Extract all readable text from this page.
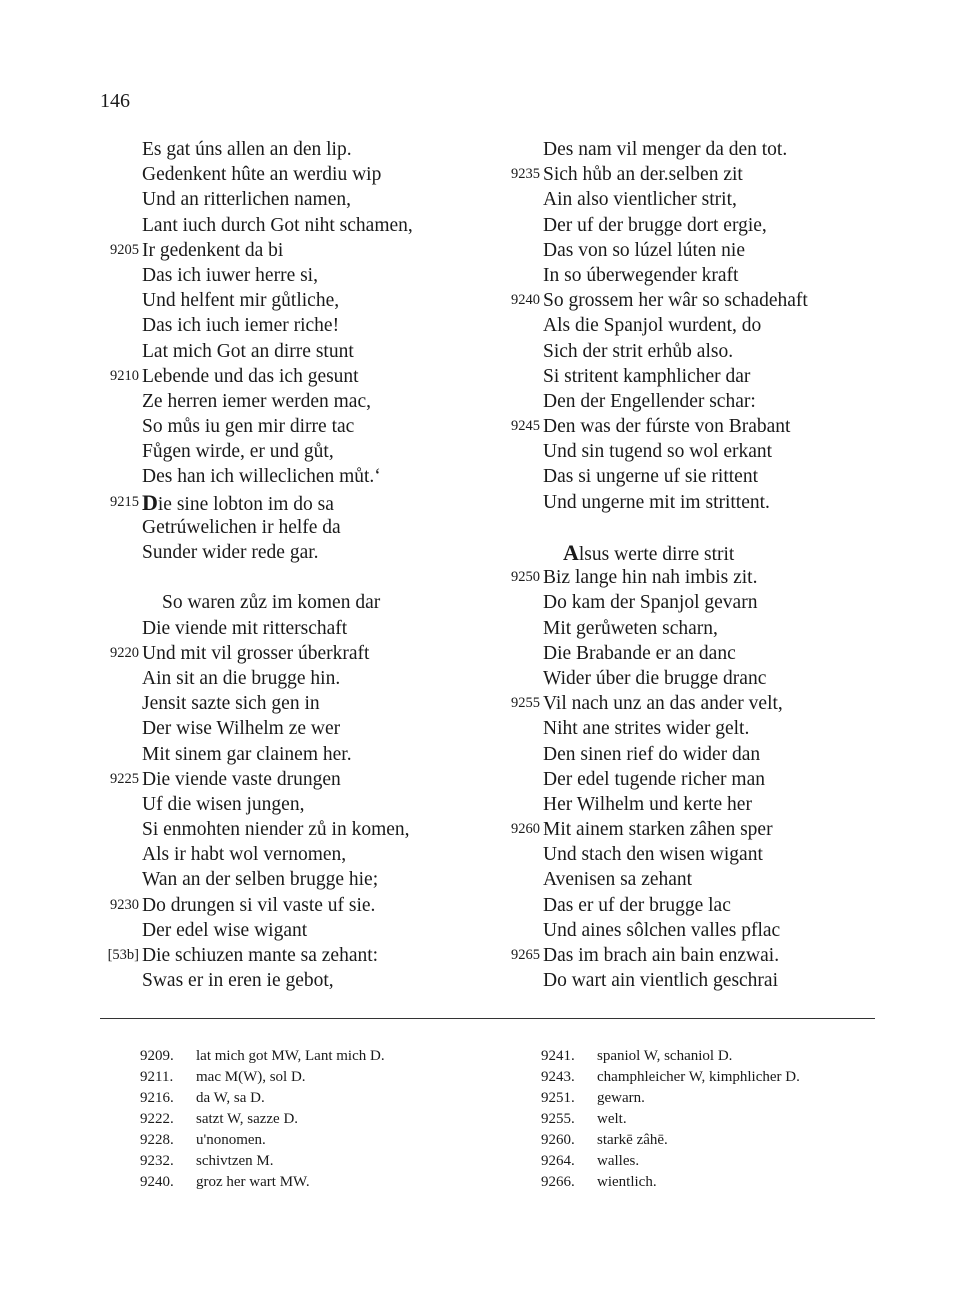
146
Es gat úns allen an den lip.
Gedenkent hûte an werdiu wip
Und an ritterlichen namen,
Lant iuch durch Got niht schamen,
9205 Ir gedenkent da bi
Das ich iuwer herre si,
Und helfent mir gůtliche,
Das ich iuch iemer riche!
Lat mich Got an dirre stunt
9210 Lebende und das ich gesunt
Ze herren iemer werden mac,
So můs iu gen mir dirre tac
Fůgen wirde, er und gůt,
Des han ich willeclichen můt.‘
9215 Die sine lobton im do sa
Getrúwelichen ir helfe da
Sunder wider rede gar.
So waren zůz im komen dar
Die viende mit ritterschaft
9220 Und mit vil grosser úberkraft
Ain sit an die brugge hin.
Jensit sazte sich gen in
Der wise Wilhelm ze wer
Mit sinem gar clainem her.
9225 Die viende vaste drungen
Uf die wisen jungen,
Si enmohten niender zů in komen,
Als ir habt wol vernomen,
Wan an der selben brugge hie;
9230 Do drungen si vil vaste uf sie.
Der edel wise wigant
[53b] Die schiuzen mante sa zehant:
Swas er in eren ie gebot,
Des nam vil menger da den tot.
9235 Sich hůb an der.selben zit
Ain also vientlicher strit,
Der uf der brugge dort ergie,
Das von so lúzel lúten nie
In so úberwegender kraft
9240 So grossem her wâr so schadehaft
Als die Spanjol wurdent, do
Sich der strit erhůb also.
Si stritent kamphlicher dar
Den der Engellender schar:
9245 Den was der fúrste von Brabant
Und sin tugend so wol erkant
Das si ungerne uf sie rittent
Und ungerne mit im strittent.
Alsus werte dirre strit
9250 Biz lange hin nah imbis zit.
Do kam der Spanjol gevarn
Mit gerůweten scharn,
Die Brabande er an danc
Wider úber die brugge dranc
9255 Vil nach unz an das ander velt,
Niht ane strites wider gelt.
Den sinen rief do wider dan
Der edel tugende richer man
Her Wilhelm und kerte her
9260 Mit ainem starken zâhen sper
Und stach den wisen wigant
Avenisen sa zehant
Das er uf der brugge lac
Und aines sôlchen valles pflac
9265 Das im brach ain bain enzwai.
Do wart ain vientlich geschrai
9209. lat mich got MW, Lant mich D.
9211. mac M(W), sol D.
9216. da W, sa D.
9222. satzt W, sazze D.
9228. u'nonomen.
9232. schivtzen M.
9240. groz her wart MW.
9241. spaniol W, schaniol D.
9243. champhleicher W, kimphlicher D.
9251. gewarn.
9255. welt.
9260. starkē zâhē.
9264. walles.
9266. wientlich.
